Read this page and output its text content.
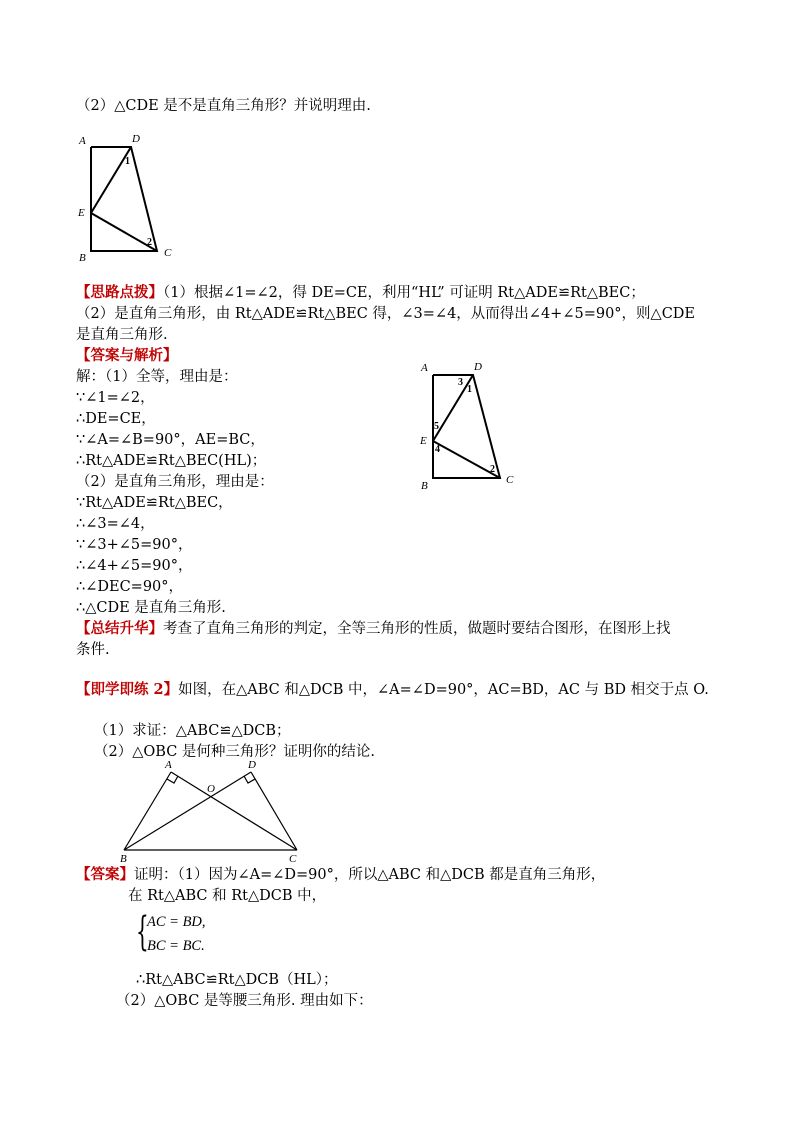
（2）△CDE 是不是直角三角形？并说明理由.
A	D
E
B	C
1
2
【思路点拨】（1）根据∠1=∠2，得 DE=CE，利用“HL” 可证明 Rt△ADE≌Rt△BEC；
（2）是直角三角形，由 Rt△ADE≌Rt△BEC 得，∠3=∠4，从而得出∠4+∠5=90°，则△CDE
是直角三角形.
【答案与解析】
解：（1）全等，理由是：
∵∠1=∠2，
∴DE=CE，
∵∠A=∠B=90°，AE=BC，
∴Rt△ADE≌Rt△BEC(HL)；
（2）是直角三角形，理由是：
∵Rt△ADE≌Rt△BEC，
∴∠3=∠4，
∵∠3+∠5=90°，
∴∠4+∠5=90°，
∴∠DEC=90°，
∴△CDE 是直角三角形.
A	D
E
B	C
3
1
5
4
2
【总结升华】考查了直角三角形的判定，全等三角形的性质，做题时要结合图形，在图形上找
条件.
【即学即练 2】如图，在△ABC 和△DCB 中，∠A=∠D=90°，AC=BD，AC 与 BD 相交于点 O.
（1）求证：△ABC≌△DCB；
（2）△OBC 是何种三角形？证明你的结论.
A	D
O
B	C
【答案】证明：（1）因为∠A=∠D=90°，所以△ABC 和△DCB 都是直角三角形，
在 Rt△ABC 和 Rt△DCB 中，
{
AC = BD,
BC = BC.
∴Rt△ABC≌Rt△DCB（HL）；
（2）△OBC 是等腰三角形. 理由如下：
